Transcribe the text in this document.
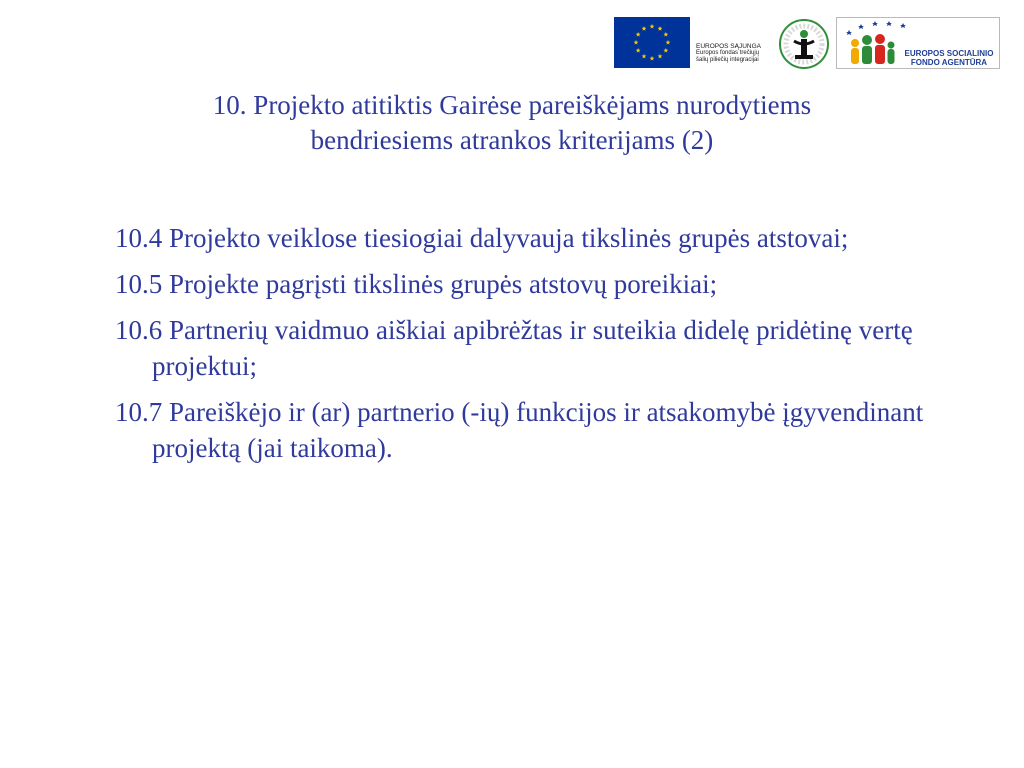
EUROPOS SĄJUNGA
Europos fondas trečiųjų
šalių piliečių integracijai
EUROPOS SOCIALINIO
FONDO AGENTŪRA
10. Projekto atitiktis Gairėse pareiškėjams nurodytiems
bendriesiems atrankos kriterijams (2)
10.4 Projekto veiklose tiesiogiai dalyvauja tikslinės grupės atstovai;
10.5 Projekte pagrįsti tikslinės grupės atstovų poreikiai;
10.6 Partnerių vaidmuo aiškiai apibrėžtas ir suteikia didelę pridėtinę vertę projektui;
10.7 Pareiškėjo ir (ar) partnerio (-ių) funkcijos ir atsakomybė įgyvendinant projektą (jai taikoma).
